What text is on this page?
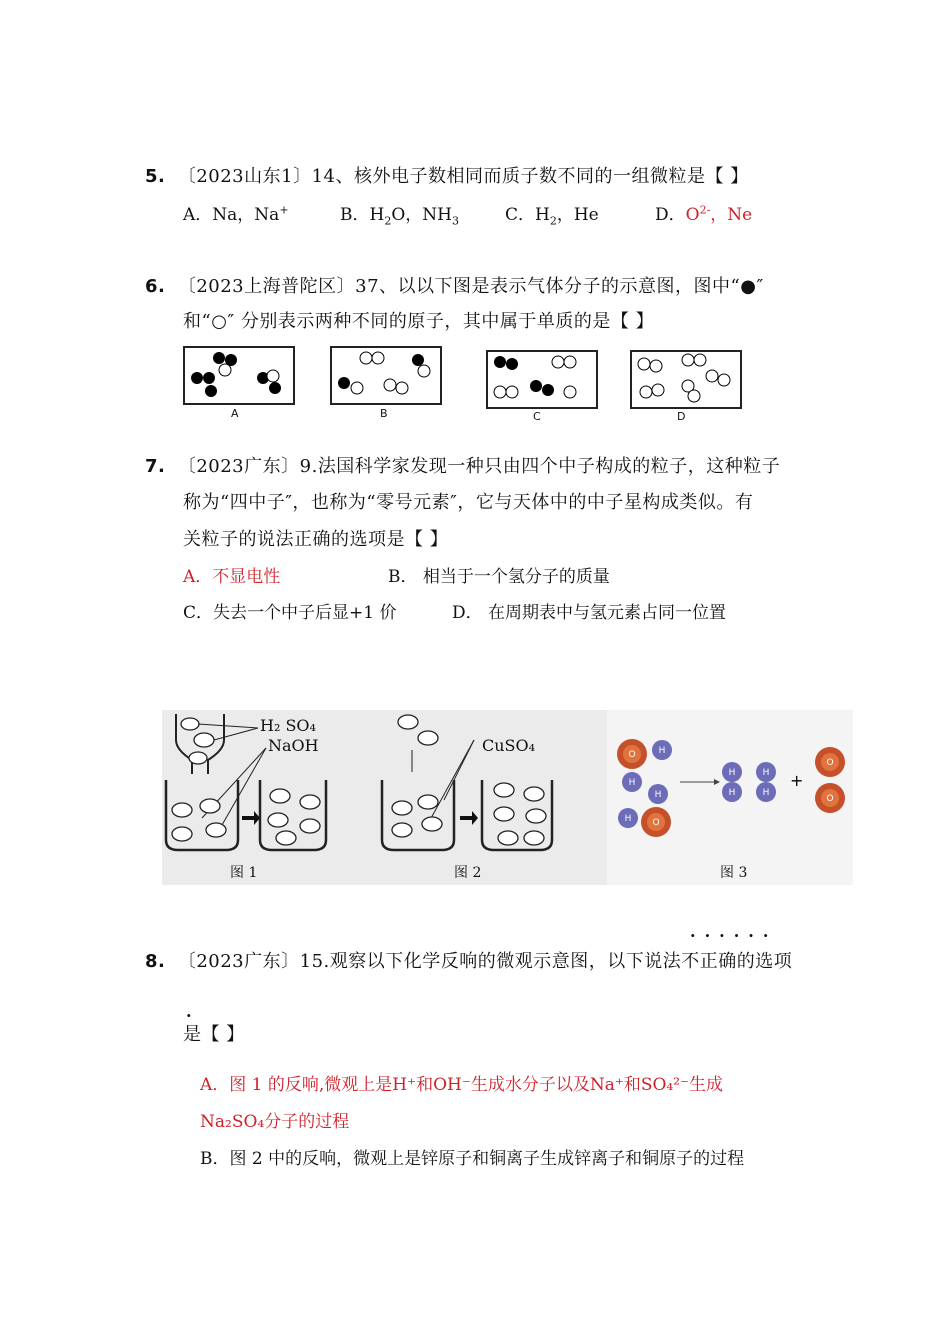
5. 〔2023山东1〕14、核外电子数相同而质子数不同的一组微粒是【 】
A．Na，Na+	B．$H_2O$，$NH_3$	C．$H_2$，He	D．$O^{2-}$，Ne
6. 〔2023上海普陀区〕37、以以下图是表示气体分子的示意图，图中“●″
和“○″ 分别表示两种不同的原子，其中属于单质的是【 】
A	B	C	D
7. 〔2023广东〕9.法国科学家发现一种只由四个中子构成的粒子，这种粒子
称为“四中子″，也称为“零号元素″，它与天体中的中子星构成类似。有
关粒子的说法正确的选项是【 】
A．不显电性	B． 相当于一个氢分子的质量
C．失去一个中子后显+1 价	D． 在周期表中与氢元素占同一位置
+
O	H
H
H
H O
H
H
H
H
O
O
H₂ SO₄
NaOH	CuSO₄
图 1	图 2	图 3
......
8. 〔2023广东〕15.观察以下化学反响的微观示意图，以下说法不正确的选项
.
是【 】
A．图 1 的反响,微观上是H⁺和OH⁻生成水分子以及Na⁺和SO₄²⁻生成
Na₂SO₄分子的过程
B．图 2 中的反响，微观上是锌原子和铜离子生成锌离子和铜原子的过程
